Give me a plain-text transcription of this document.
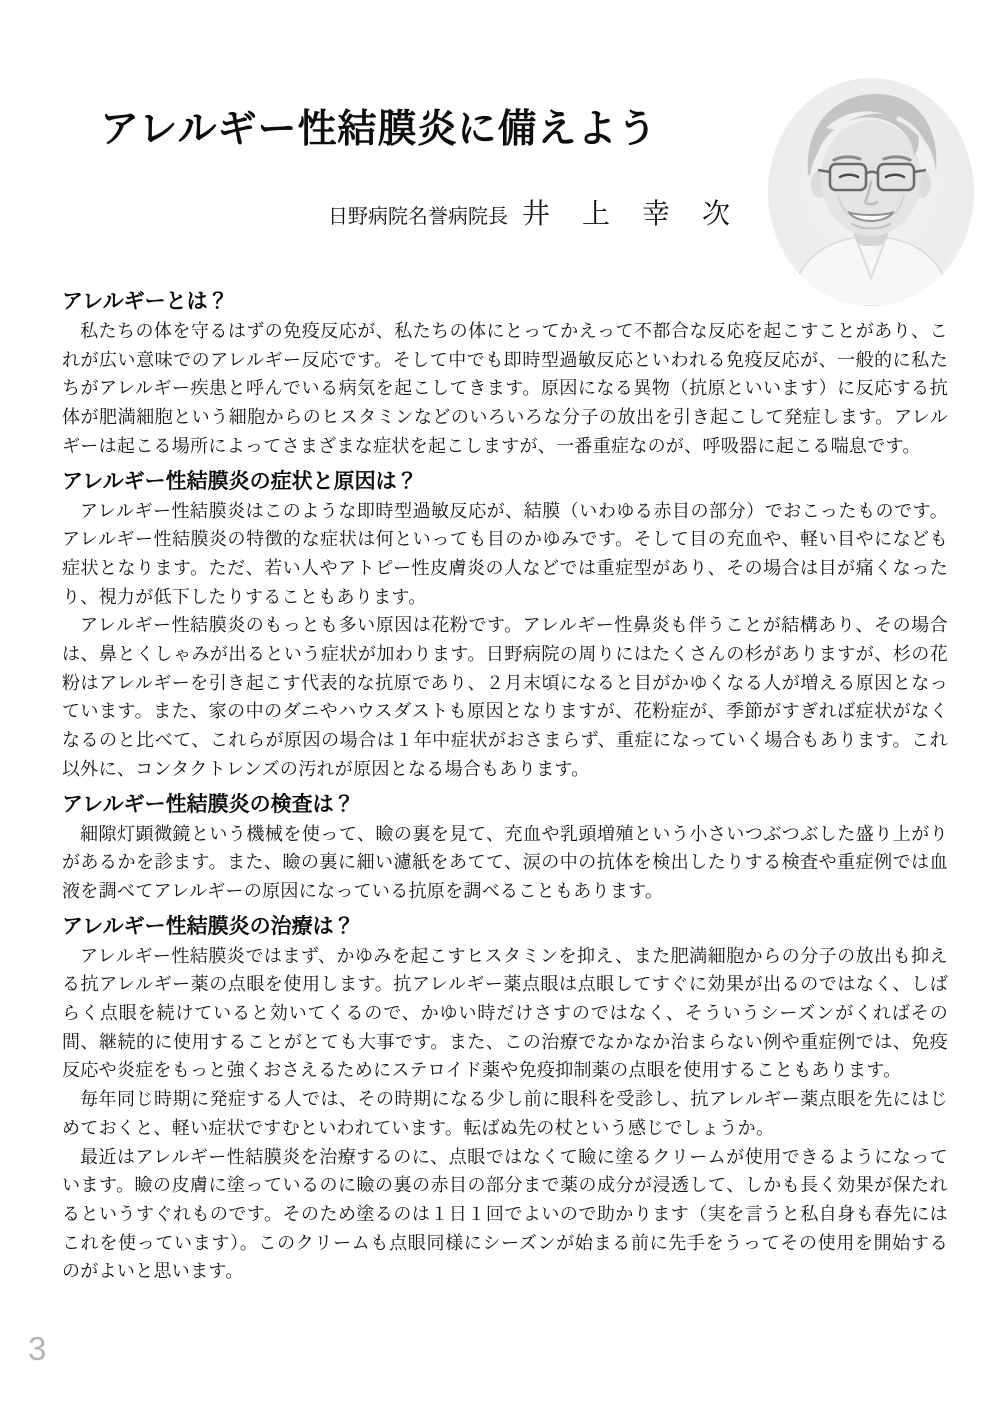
アレルギー性結膜炎に備えよう
日野病院名誉病院長 井　上　幸　次
アレルギーとは？

私たちの体を守るはずの免疫反応が、私たちの体にとってかえって不都合な反応を起こすことがあり、これが広い意味でのアレルギー反応です。そして中でも即時型過敏反応といわれる免疫反応が、一般的に私たちがアレルギー疾患と呼んでいる病気を起こしてきます。原因になる異物（抗原といいます）に反応する抗体が肥満細胞という細胞からのヒスタミンなどのいろいろな分子の放出を引き起こして発症します。アレルギーは起こる場所によってさまざまな症状を起こしますが、一番重症なのが、呼吸器に起こる喘息です。

アレルギー性結膜炎の症状と原因は？

アレルギー性結膜炎はこのような即時型過敏反応が、結膜（いわゆる赤目の部分）でおこったものです。アレルギー性結膜炎の特徴的な症状は何といっても目のかゆみです。そして目の充血や、軽い目やになども症状となります。ただ、若い人やアトピー性皮膚炎の人などでは重症型があり、その場合は目が痛くなったり、視力が低下したりすることもあります。

アレルギー性結膜炎のもっとも多い原因は花粉です。アレルギー性鼻炎も伴うことが結構あり、その場合は、鼻とくしゃみが出るという症状が加わります。日野病院の周りにはたくさんの杉がありますが、杉の花粉はアレルギーを引き起こす代表的な抗原であり、２月末頃になると目がかゆくなる人が増える原因となっています。また、家の中のダニやハウスダストも原因となりますが、花粉症が、季節がすぎれば症状がなくなるのと比べて、これらが原因の場合は１年中症状がおさまらず、重症になっていく場合もあります。これ以外に、コンタクトレンズの汚れが原因となる場合もあります。

アレルギー性結膜炎の検査は？

細隙灯顕微鏡という機械を使って、瞼の裏を見て、充血や乳頭増殖という小さいつぶつぶした盛り上がりがあるかを診ます。また、瞼の裏に細い濾紙をあてて、涙の中の抗体を検出したりする検査や重症例では血液を調べてアレルギーの原因になっている抗原を調べることもあります。

アレルギー性結膜炎の治療は？

アレルギー性結膜炎ではまず、かゆみを起こすヒスタミンを抑え、また肥満細胞からの分子の放出も抑える抗アレルギー薬の点眼を使用します。抗アレルギー薬点眼は点眼してすぐに効果が出るのではなく、しばらく点眼を続けていると効いてくるので、かゆい時だけさすのではなく、そういうシーズンがくればその間、継続的に使用することがとても大事です。また、この治療でなかなか治まらない例や重症例では、免疫反応や炎症をもっと強くおさえるためにステロイド薬や免疫抑制薬の点眼を使用することもあります。

毎年同じ時期に発症する人では、その時期になる少し前に眼科を受診し、抗アレルギー薬点眼を先にはじめておくと、軽い症状ですむといわれています。転ばぬ先の杖という感じでしょうか。

最近はアレルギー性結膜炎を治療するのに、点眼ではなくて瞼に塗るクリームが使用できるようになっています。瞼の皮膚に塗っているのに瞼の裏の赤目の部分まで薬の成分が浸透して、しかも長く効果が保たれるというすぐれものです。そのため塗るのは１日１回でよいので助かります（実を言うと私自身も春先にはこれを使っています）。このクリームも点眼同様にシーズンが始まる前に先手をうってその使用を開始するのがよいと思います。

3
